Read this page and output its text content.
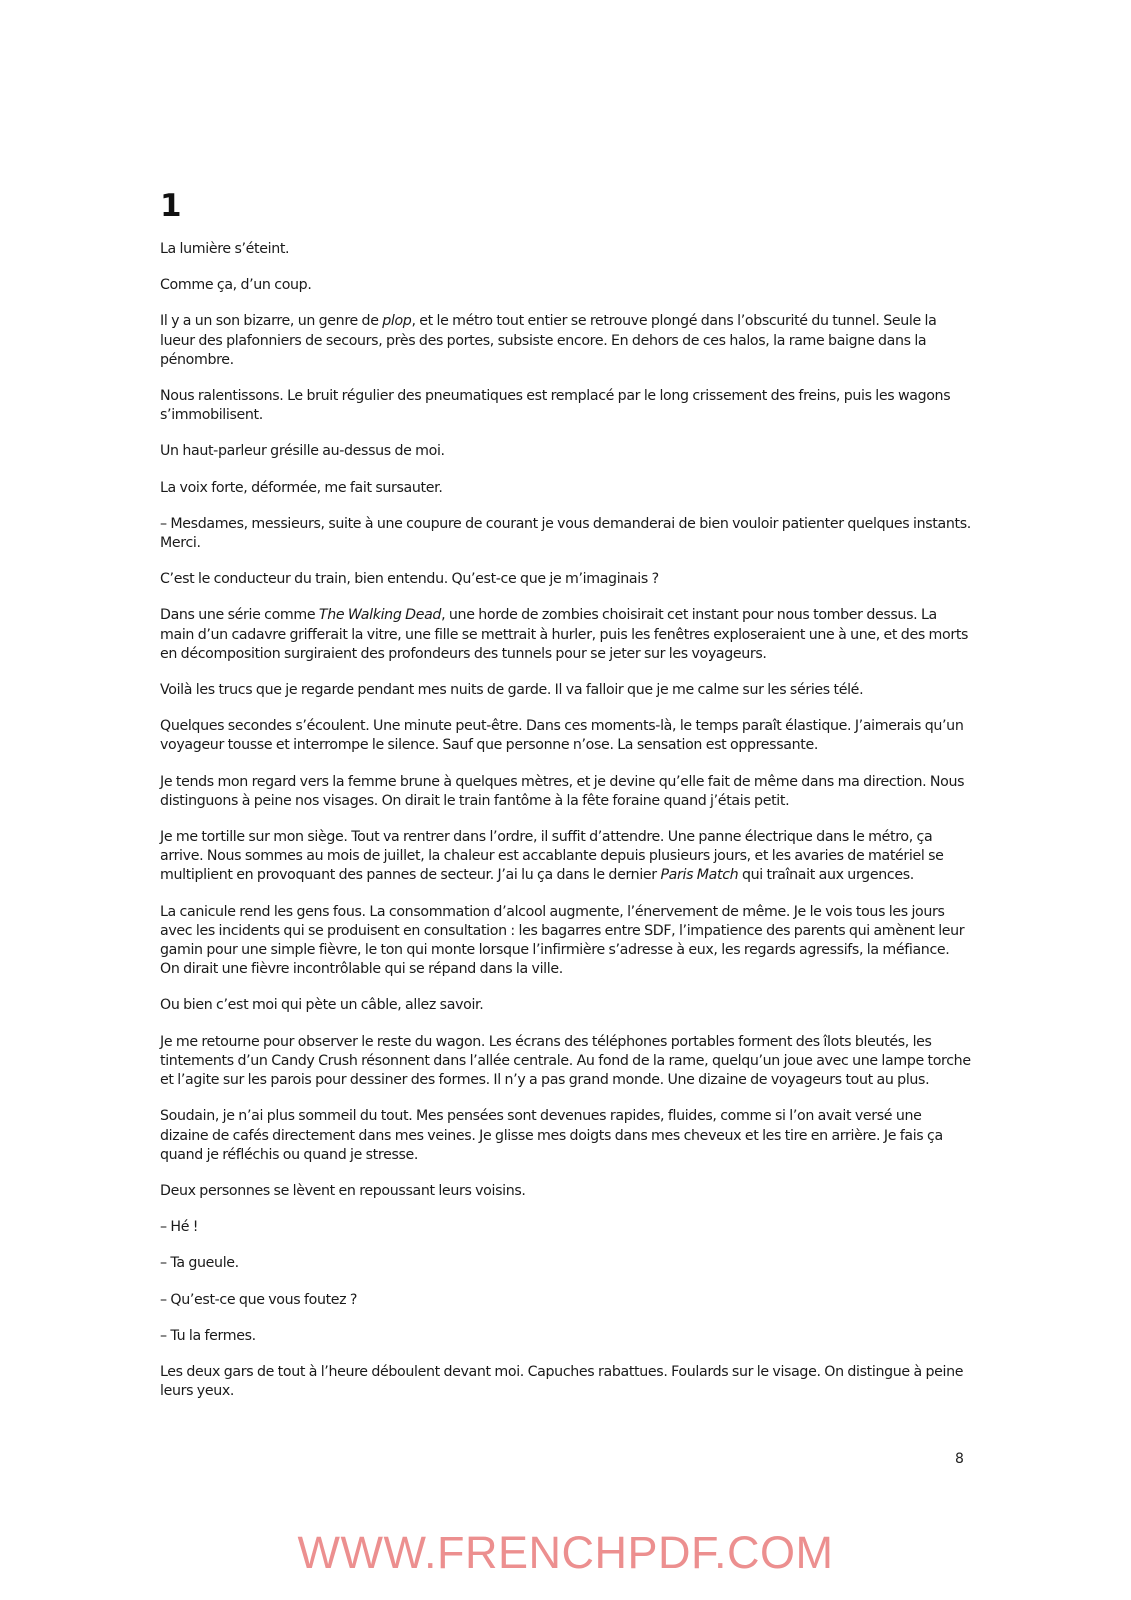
1

La lumière s’éteint.

Comme ça, d’un coup.

Il y a un son bizarre, un genre de plop, et le métro tout entier se retrouve plongé dans l’obscurité du tunnel. Seule la lueur des plafonniers de secours, près des portes, subsiste encore. En dehors de ces halos, la rame baigne dans la pénombre.

Nous ralentissons. Le bruit régulier des pneumatiques est remplacé par le long crissement des freins, puis les wagons s’immobilisent.

Un haut-parleur grésille au-dessus de moi.

La voix forte, déformée, me fait sursauter.

– Mesdames, messieurs, suite à une coupure de courant je vous demanderai de bien vouloir patienter quelques instants. Merci.

C’est le conducteur du train, bien entendu. Qu’est-ce que je m’imaginais ?

Dans une série comme The Walking Dead, une horde de zombies choisirait cet instant pour nous tomber dessus. La main d’un cadavre grifferait la vitre, une fille se mettrait à hurler, puis les fenêtres exploseraient une à une, et des morts en décomposition surgiraient des profondeurs des tunnels pour se jeter sur les voyageurs.

Voilà les trucs que je regarde pendant mes nuits de garde. Il va falloir que je me calme sur les séries télé.

Quelques secondes s’écoulent. Une minute peut-être. Dans ces moments-là, le temps paraît élastique. J’aimerais qu’un voyageur tousse et interrompe le silence. Sauf que personne n’ose. La sensation est oppressante.

Je tends mon regard vers la femme brune à quelques mètres, et je devine qu’elle fait de même dans ma direction. Nous distinguons à peine nos visages. On dirait le train fantôme à la fête foraine quand j’étais petit.

Je me tortille sur mon siège. Tout va rentrer dans l’ordre, il suffit d’attendre. Une panne électrique dans le métro, ça arrive. Nous sommes au mois de juillet, la chaleur est accablante depuis plusieurs jours, et les avaries de matériel se multiplient en provoquant des pannes de secteur. J’ai lu ça dans le dernier Paris Match qui traînait aux urgences.

La canicule rend les gens fous. La consommation d’alcool augmente, l’énervement de même. Je le vois tous les jours avec les incidents qui se produisent en consultation : les bagarres entre SDF, l’impatience des parents qui amènent leur gamin pour une simple fièvre, le ton qui monte lorsque l’infirmière s’adresse à eux, les regards agressifs, la méfiance. On dirait une fièvre incontrôlable qui se répand dans la ville.

Ou bien c’est moi qui pète un câble, allez savoir.

Je me retourne pour observer le reste du wagon. Les écrans des téléphones portables forment des îlots bleutés, les tintements d’un Candy Crush résonnent dans l’allée centrale. Au fond de la rame, quelqu’un joue avec une lampe torche et l’agite sur les parois pour dessiner des formes. Il n’y a pas grand monde. Une dizaine de voyageurs tout au plus.

Soudain, je n’ai plus sommeil du tout. Mes pensées sont devenues rapides, fluides, comme si l’on avait versé une dizaine de cafés directement dans mes veines. Je glisse mes doigts dans mes cheveux et les tire en arrière. Je fais ça quand je réfléchis ou quand je stresse.

Deux personnes se lèvent en repoussant leurs voisins.

– Hé !

– Ta gueule.

– Qu’est-ce que vous foutez ?

– Tu la fermes.

Les deux gars de tout à l’heure déboulent devant moi. Capuches rabattues. Foulards sur le visage. On distingue à peine leurs yeux.

8
WWW.FRENCHPDF.COM
